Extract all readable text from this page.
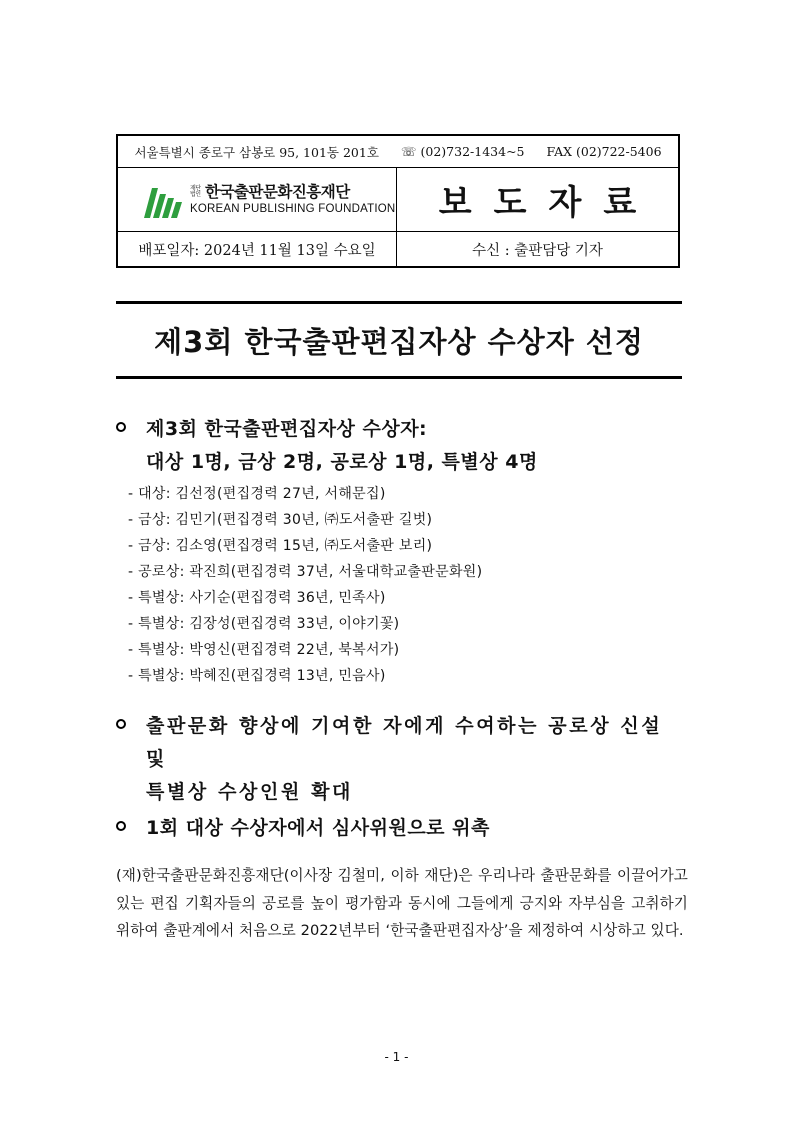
서울특별시 종로구 삼봉로 95, 101동 201호 ☏ (02)732-1434~5 FAX (02)722-5406
재단법인 한국출판문화진흥재단
KOREAN PUBLISHING FOUNDATION 보도자료
배포일자: 2024년 11월 13일 수요일	수신 : 출판담당 기자
제3회 한국출판편집자상 수상자 선정
제3회 한국출판편집자상 수상자:
대상 1명, 금상 2명, 공로상 1명, 특별상 4명
- 대상: 김선정(편집경력 27년, 서해문집)
- 금상: 김민기(편집경력 30년, ㈜도서출판 길벗)
- 금상: 김소영(편집경력 15년, ㈜도서출판 보리)
- 공로상: 곽진희(편집경력 37년, 서울대학교출판문화원)
- 특별상: 사기순(편집경력 36년, 민족사)
- 특별상: 김장성(편집경력 33년, 이야기꽃)
- 특별상: 박영신(편집경력 22년, 북복서가)
- 특별상: 박혜진(편집경력 13년, 민음사)
출판문화 향상에 기여한 자에게 수여하는 공로상 신설 및
특별상 수상인원 확대
1회 대상 수상자에서 심사위원으로 위촉
(재)한국출판문화진흥재단(이사장 김철미, 이하 재단)은 우리나라 출판문화를 이끌어가고 있는 편집 기획자들의 공로를 높이 평가함과 동시에 그들에게 긍지와 자부심을 고취하기 위하여 출판계에서 처음으로 2022년부터 ‘한국출판편집자상’을 제정하여 시상하고 있다.
- 1 -
